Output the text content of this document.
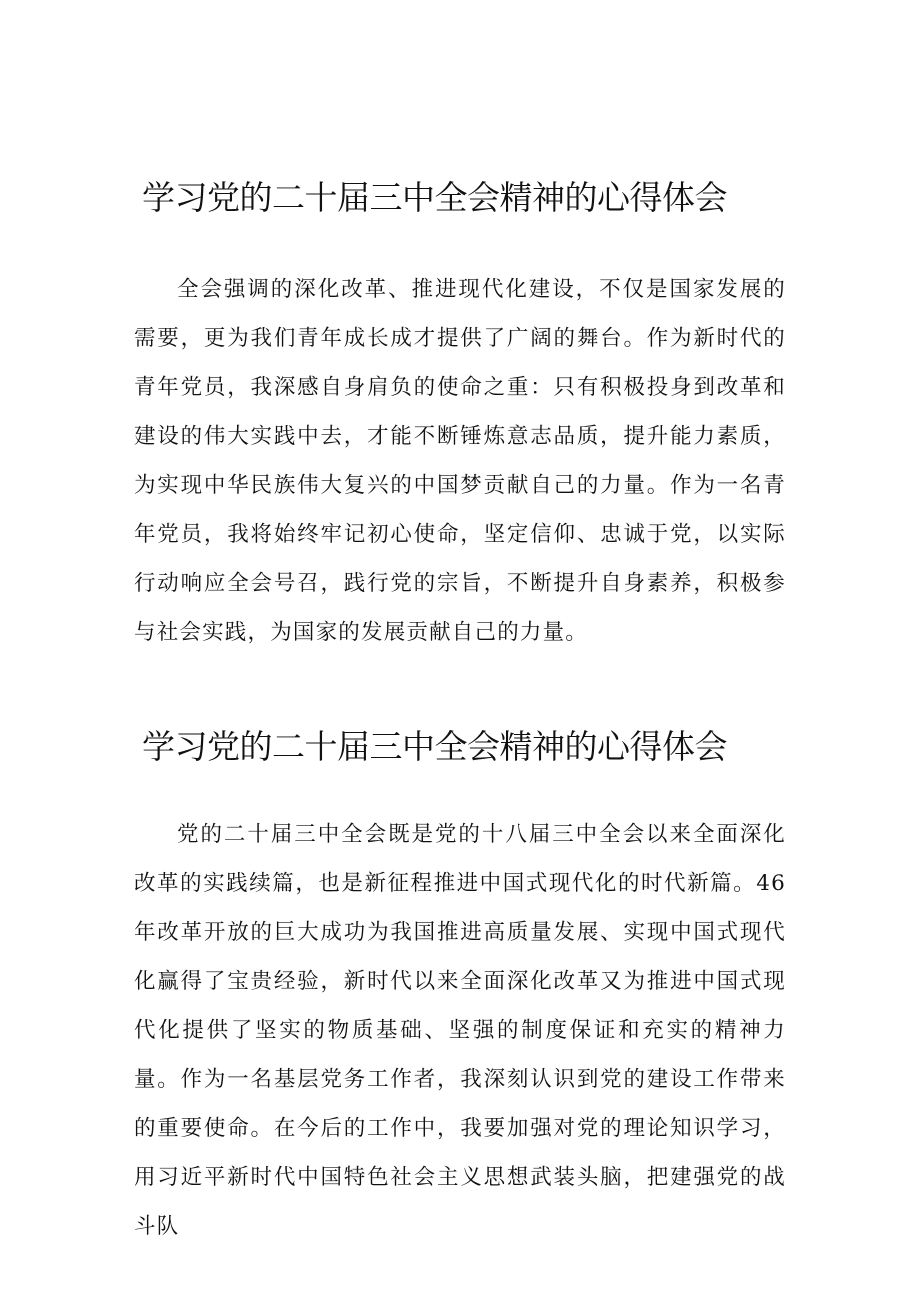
学习党的二十届三中全会精神的心得体会

全会强调的深化改革、推进现代化建设，不仅是国家发展的需要，更为我们青年成长成才提供了广阔的舞台。作为新时代的青年党员，我深感自身肩负的使命之重：只有积极投身到改革和建设的伟大实践中去，才能不断锤炼意志品质，提升能力素质，为实现中华民族伟大复兴的中国梦贡献自己的力量。作为一名青年党员，我将始终牢记初心使命，坚定信仰、忠诚于党，以实际行动响应全会号召，践行党的宗旨，不断提升自身素养，积极参与社会实践，为国家的发展贡献自己的力量。

学习党的二十届三中全会精神的心得体会

党的二十届三中全会既是党的十八届三中全会以来全面深化改革的实践续篇，也是新征程推进中国式现代化的时代新篇。46年改革开放的巨大成功为我国推进高质量发展、实现中国式现代化赢得了宝贵经验，新时代以来全面深化改革又为推进中国式现代化提供了坚实的物质基础、坚强的制度保证和充实的精神力量。作为一名基层党务工作者，我深刻认识到党的建设工作带来的重要使命。在今后的工作中，我要加强对党的理论知识学习，用习近平新时代中国特色社会主义思想武装头脑，把建强党的战斗队
